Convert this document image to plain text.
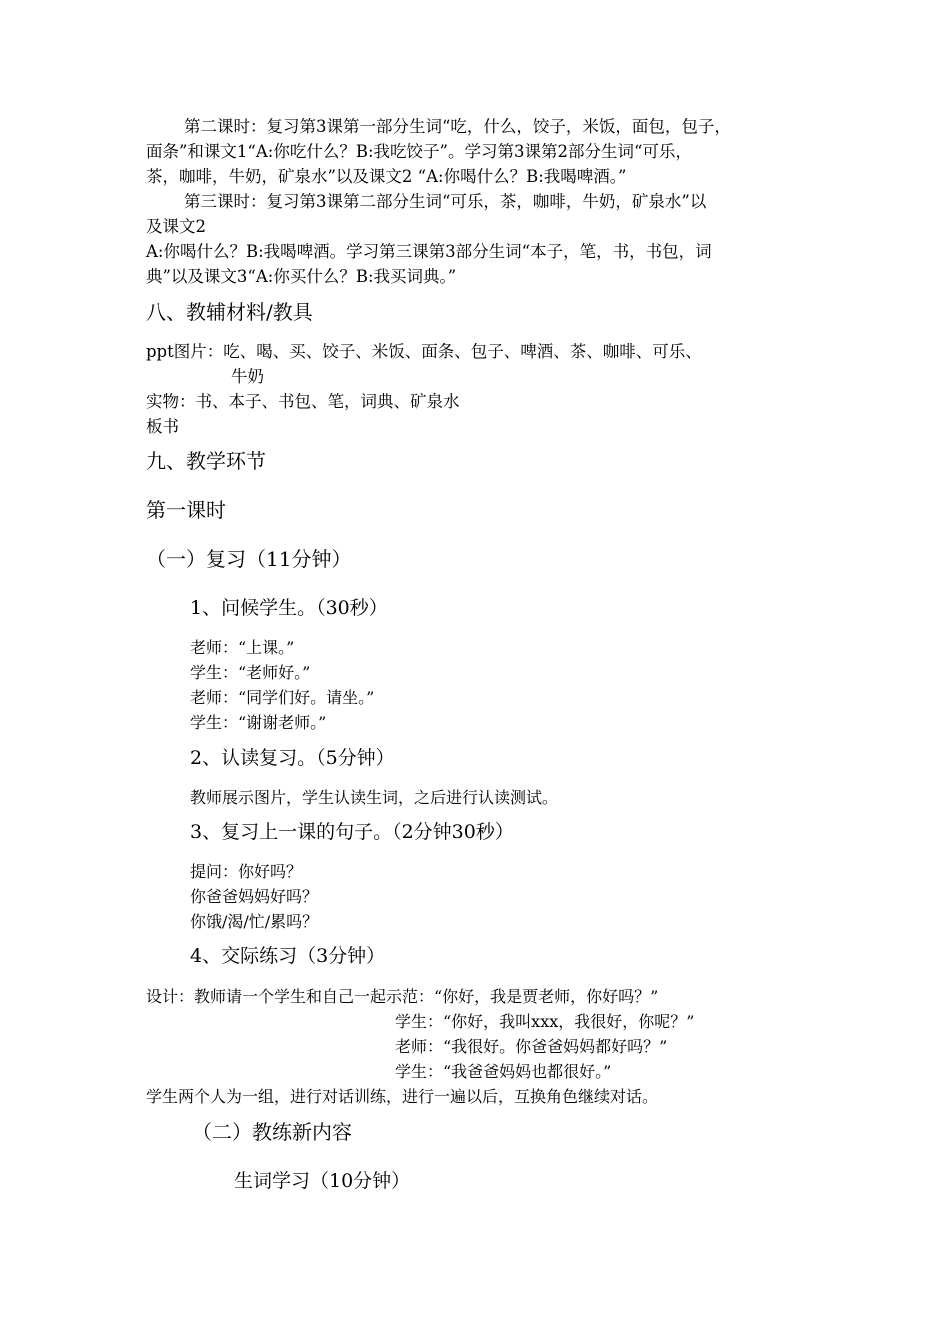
第二课时：复习第3课第一部分生词“吃，什么，饺子，米饭，面包，包子，

面条”和课文1“A:你吃什么？B:我吃饺子”。学习第3课第2部分生词“可乐，

茶，咖啡，牛奶，矿泉水”以及课文2 “A:你喝什么？B:我喝啤酒。”

第三课时：复习第3课第二部分生词“可乐，茶，咖啡，牛奶，矿泉水”以

及课文2

A:你喝什么？B:我喝啤酒。学习第三课第3部分生词“本子，笔，书，书包，词

典”以及课文3“A:你买什么？B:我买词典。”

八、教辅材料/教具

ppt图片：吃、喝、买、饺子、米饭、面条、包子、啤酒、茶、咖啡、可乐、

牛奶

实物：书、本子、书包、笔，词典、矿泉水

板书

九、教学环节
第一课时
（一）复习（11分钟）

1、问候学生。（30秒）

老师：“上课。”

学生：“老师好。”

老师：“同学们好。请坐。”

学生：“谢谢老师。”

2、认读复习。（5分钟）

教师展示图片，学生认读生词，之后进行认读测试。

3、复习上一课的句子。（2分钟30秒）

提问：你好吗？

你爸爸妈妈好吗？

你饿/渴/忙/累吗？

4、交际练习（3分钟）

设计：教师请一个学生和自己一起示范：“你好，我是贾老师，你好吗？”

学生：“你好，我叫xxx，我很好，你呢？”

老师：“我很好。你爸爸妈妈都好吗？”

学生：“我爸爸妈妈也都很好。”

学生两个人为一组，进行对话训练，进行一遍以后，互换角色继续对话。

（二）教练新内容

生词学习（10分钟）
